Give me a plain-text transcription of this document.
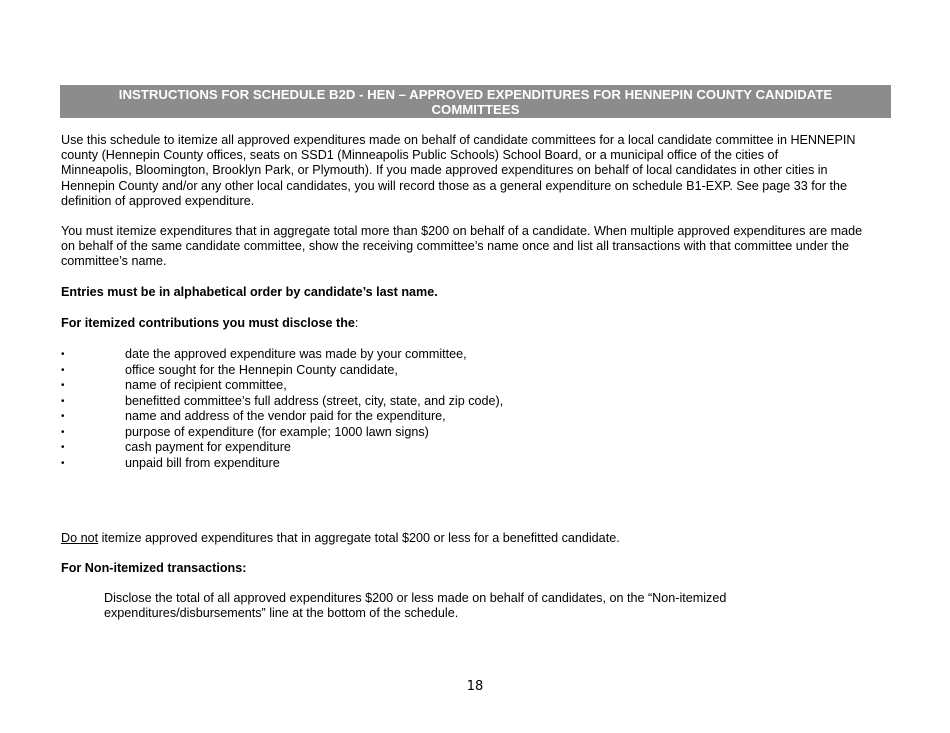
INSTRUCTIONS FOR SCHEDULE B2D - HEN – APPROVED EXPENDITURES FOR HENNEPIN COUNTY CANDIDATE
COMMITTEES
Use this schedule to itemize all approved expenditures made on behalf of candidate committees for a local candidate committee in HENNEPIN
county (Hennepin County offices, seats on SSD1 (Minneapolis Public Schools) School Board, or a municipal office of the cities of
Minneapolis, Bloomington, Brooklyn Park, or Plymouth). If you made approved expenditures on behalf of local candidates in other cities in
Hennepin County and/or any other local candidates, you will record those as a general expenditure on schedule B1-EXP. See page 33 for the
definition of approved expenditure.
You must itemize expenditures that in aggregate total more than $200 on behalf of a candidate. When multiple approved expenditures are made
on behalf of the same candidate committee, show the receiving committee’s name once and list all transactions with that committee under the
committee’s name.
Entries must be in alphabetical order by candidate’s last name.
For itemized contributions you must disclose the:
•	date the approved expenditure was made by your committee,
•	office sought for the Hennepin County candidate,
•	name of recipient committee,
•	benefitted committee’s full address (street, city, state, and zip code),
•	name and address of the vendor paid for the expenditure,
•	purpose of expenditure (for example; 1000 lawn signs)
•	cash payment for expenditure
•	unpaid bill from expenditure
Do not itemize approved expenditures that in aggregate total $200 or less for a benefitted candidate.
For Non-itemized transactions:
Disclose the total of all approved expenditures $200 or less made on behalf of candidates, on the “Non-itemized
expenditures/disbursements” line at the bottom of the schedule.
18
